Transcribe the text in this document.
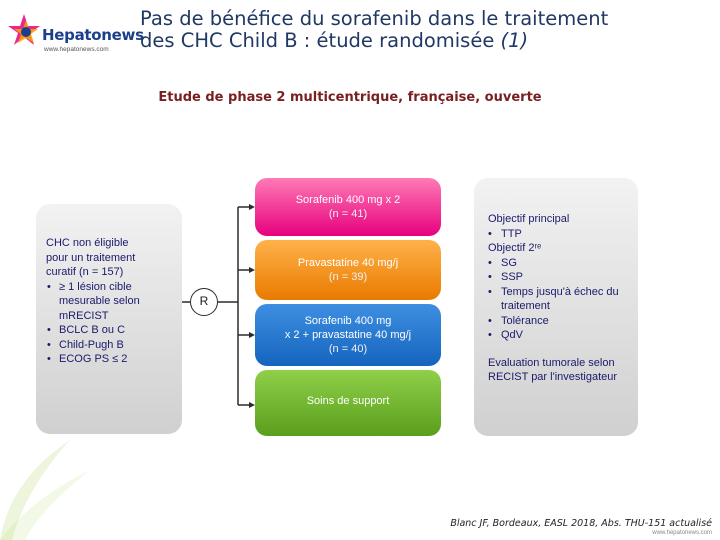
Hepatonews
www.hepatonews.com
Pas de bénéfice du sorafenib dans le traitement
des CHC Child B : étude randomisée (1)
Etude de phase 2 multicentrique, française, ouverte
CHC non éligible
pour un traitement
curatif (n = 157)
• ≥ 1 lésion cible mesurable selon mRECIST
• BCLC B ou C
• Child-Pugh B
• ECOG PS ≤ 2
R
Sorafenib 400 mg x 2
(n = 41)
Pravastatine 40 mg/j
(n = 39)
Sorafenib 400 mg
x 2 + pravastatine 40 mg/j
(n = 40)
Soins de support
Objectif principal
• TTP
Objectif 2ʳᵉ
• SG
• SSP
• Temps jusqu'à échec du traitement
• Tolérance
• QdV
Evaluation tumorale selon RECIST par l'investigateur
Blanc JF, Bordeaux, EASL 2018, Abs. THU-151 actualisé
www.hepatonews.com
